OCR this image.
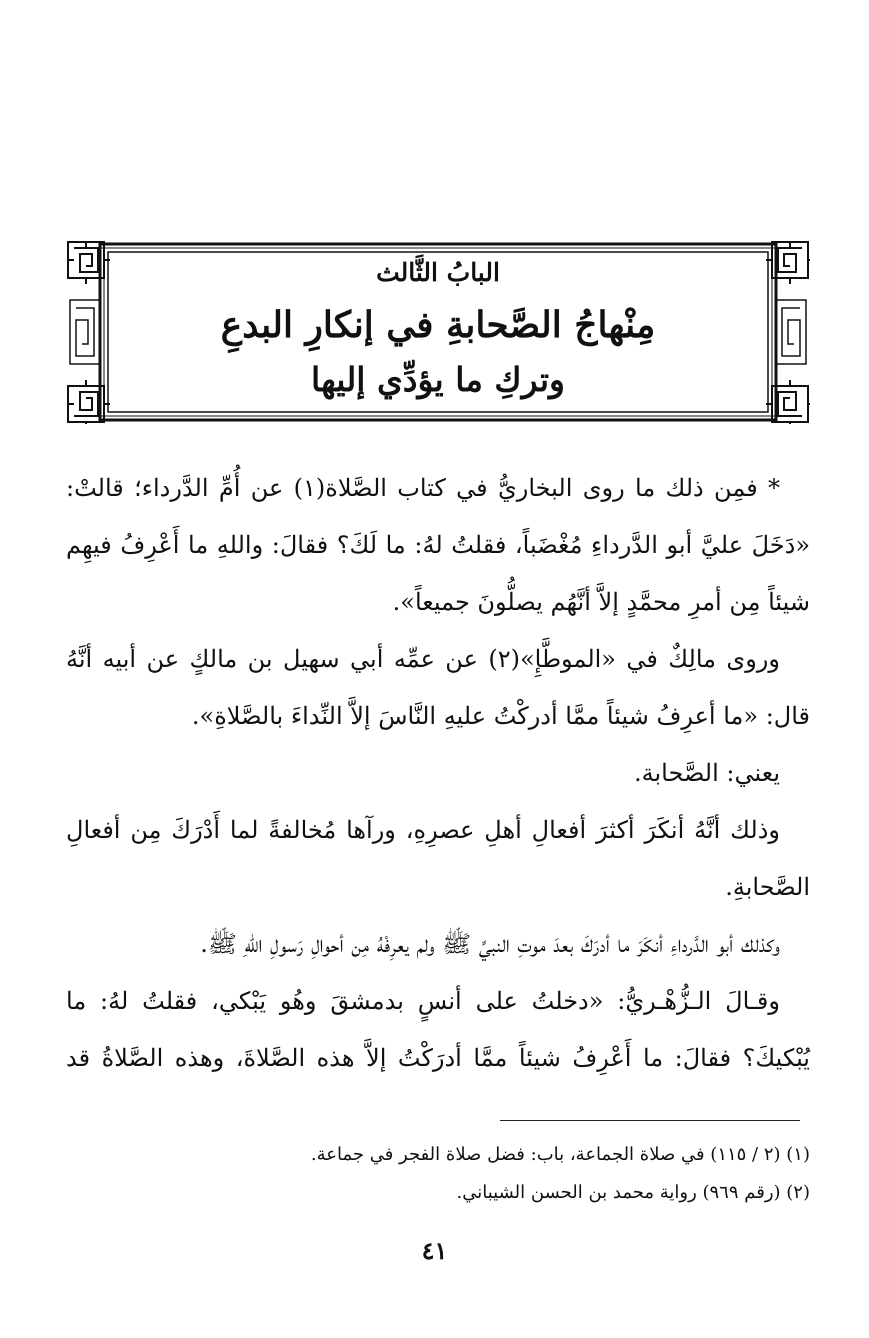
البابُ الثَّالث
مِنْهاجُ الصَّحابةِ في إنكارِ البدعِ
وتركِ ما يؤدِّي إليها

* فمِن ذلك ما روى البخاريُّ في كتاب الصَّلاة(١) عن أُمِّ الدَّرداء؛ قالتْ: «دَخَلَ عليَّ أبو الدَّرداءِ مُغْضَباً، فقلتُ لهُ: ما لَكَ؟ فقالَ: واللهِ ما أَعْرِفُ فيهِم شيئاً مِن أمرِ محمَّدٍ إلاَّ أنَّهُم يصلُّونَ جميعاً».

وروى مالِكٌ في «الموطَّإِ»(٢) عن عمِّه أبي سهيل بن مالكٍ عن أبيه أنَّهُ قال: «ما أعرِفُ شيئاً ممَّا أدركْتُ عليهِ النَّاسَ إلاَّ النِّداءَ بالصَّلاةِ».

يعني: الصَّحابة.

وذلك أنَّهُ أنكَرَ أكثرَ أفعالِ أهلِ عصرِهِ، ورآها مُخالفةً لما أَدْرَكَ مِن أفعالِ الصَّحابةِ.

وكذلك أبو الدَّرداءِ أنكَرَ ما أدرَكَ بعدَ موتِ النبيِّ ﷺ ولم يعرِفْهُ مِن أحوالِ رَسولِ اللهِ ﷺ.

وقـالَ الـزُّهْـريُّ: «دخلتُ على أنسٍ بدمشقَ وهُو يَبْكي، فقلتُ لهُ: ما يُبْكيكَ؟ فقالَ: ما أَعْرِفُ شيئاً ممَّا أدرَكْتُ إلاَّ هذه الصَّلاةَ، وهذه الصَّلاةُ قد

(١) (٢ / ١١٥) في صلاة الجماعة، باب: فضل صلاة الفجر في جماعة.

(٢) (رقم ٩٦٩) رواية محمد بن الحسن الشيباني.

٤١
